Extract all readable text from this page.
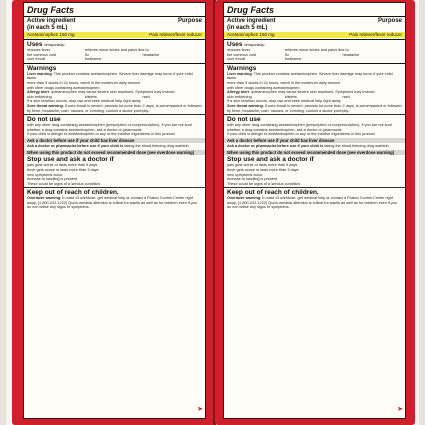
Drug Facts
Active ingredient
(in each 5 mL)
Purpose
Acetaminophen 160 mg	Pain reliever/fever reducer
Uses temporarily:
reduces fever	relieves minor aches and pains due to
the common cold	flu	headache
sore throat	toothache
Warnings
Liver warning: This product contains acetaminophen. Severe liver damage may occur if your child takes
more than 5 doses in 24 hours, which is the maximum daily amount
with other drugs containing acetaminophen
Allergy alert: acetaminophen may cause severe skin reactions. Symptoms may include:
skin reddening	blisters	rash
If a skin reaction occurs, stop use and seek medical help right away.
Sore throat warning: If sore throat is severe, persists for more than 2 days, is accompanied or followed by fever, headache, rash, nausea, or vomiting, consult a doctor promptly.
Do not use
with any other drug containing acetaminophen (prescription or nonprescription). If you are not sure whether a drug contains acetaminophen, ask a doctor or pharmacist.
if your child is allergic to acetaminophen or any of the inactive ingredients in this product
Ask a doctor before use if your child has liver disease
Ask a doctor or pharmacist before use if your child is taking the blood thinning drug warfarin
When using this product do not exceed recommended dose (see overdose warning)
Stop use and ask a doctor if
pain gets worse or lasts more than 5 days
fever gets worse or lasts more than 3 days
new symptoms occur
redness or swelling is present
These could be signs of a serious condition.
Keep out of reach of children.
Overdose warning: In case of overdose, get medical help or contact a Poison Control Center right away. (1-800-222-1222) Quick medical attention is critical for adults as well as for children even if you do not notice any signs or symptoms.
➤
Drug Facts
Active ingredient
(in each 5 mL)
Purpose
Acetaminophen 160 mg	Pain reliever/fever reducer
Uses temporarily:
reduces fever	relieves minor aches and pains due to
the common cold	flu	headache
sore throat	toothache
Warnings
Liver warning: This product contains acetaminophen. Severe liver damage may occur if your child takes
more than 5 doses in 24 hours, which is the maximum daily amount
with other drugs containing acetaminophen
Allergy alert: acetaminophen may cause severe skin reactions. Symptoms may include:
skin reddening	blisters	rash
If a skin reaction occurs, stop use and seek medical help right away.
Sore throat warning: If sore throat is severe, persists for more than 2 days, is accompanied or followed by fever, headache, rash, nausea, or vomiting, consult a doctor promptly.
Do not use
with any other drug containing acetaminophen (prescription or nonprescription). If you are not sure whether a drug contains acetaminophen, ask a doctor or pharmacist.
if your child is allergic to acetaminophen or any of the inactive ingredients in this product
Ask a doctor before use if your child has liver disease
Ask a doctor or pharmacist before use if your child is taking the blood thinning drug warfarin
When using this product do not exceed recommended dose (see overdose warning)
Stop use and ask a doctor if
pain gets worse or lasts more than 5 days
fever gets worse or lasts more than 3 days
new symptoms occur
redness or swelling is present
These could be signs of a serious condition.
Keep out of reach of children.
Overdose warning: In case of overdose, get medical help or contact a Poison Control Center right away. (1-800-222-1222) Quick medical attention is critical for adults as well as for children even if you do not notice any signs or symptoms.
➤
